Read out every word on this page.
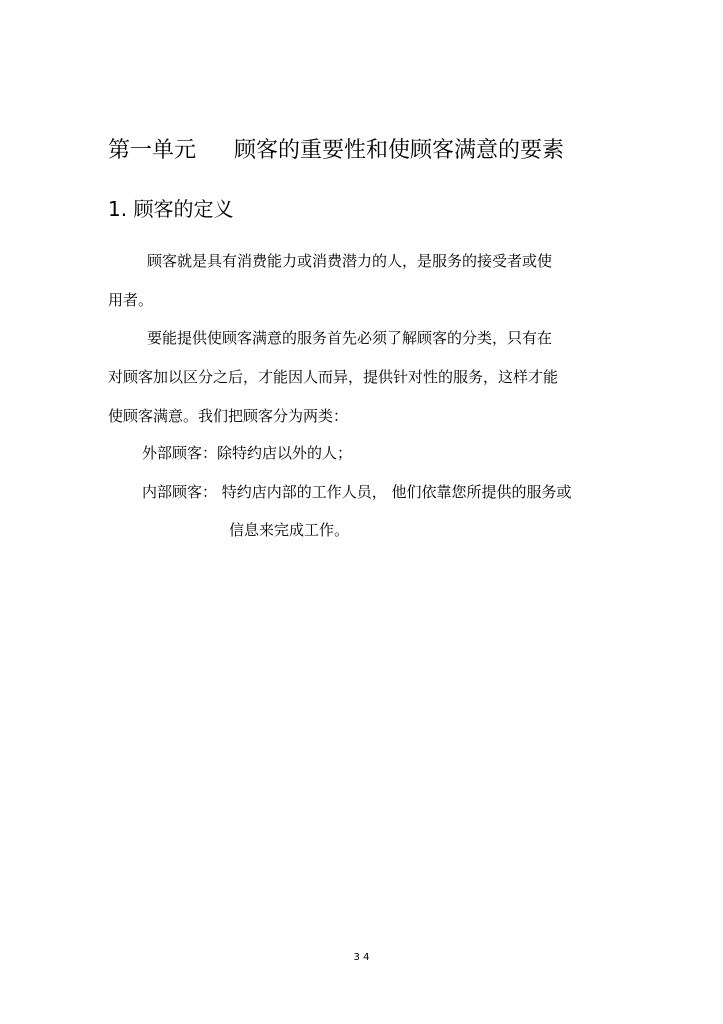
第一单元 顾客的重要性和使顾客满意的要素
1. 顾客的定义
顾客就是具有消费能力或消费潜力的人，是服务的接受者或使
用者。
要能提供使顾客满意的服务首先必须了解顾客的分类，只有在
对顾客加以区分之后，才能因人而异，提供针对性的服务，这样才能
使顾客满意。我们把顾客分为两类：
外部顾客：除特约店以外的人；
内部顾客： 特约店内部的工作人员， 他们依靠您所提供的服务或
信息来完成工作。
3 4
